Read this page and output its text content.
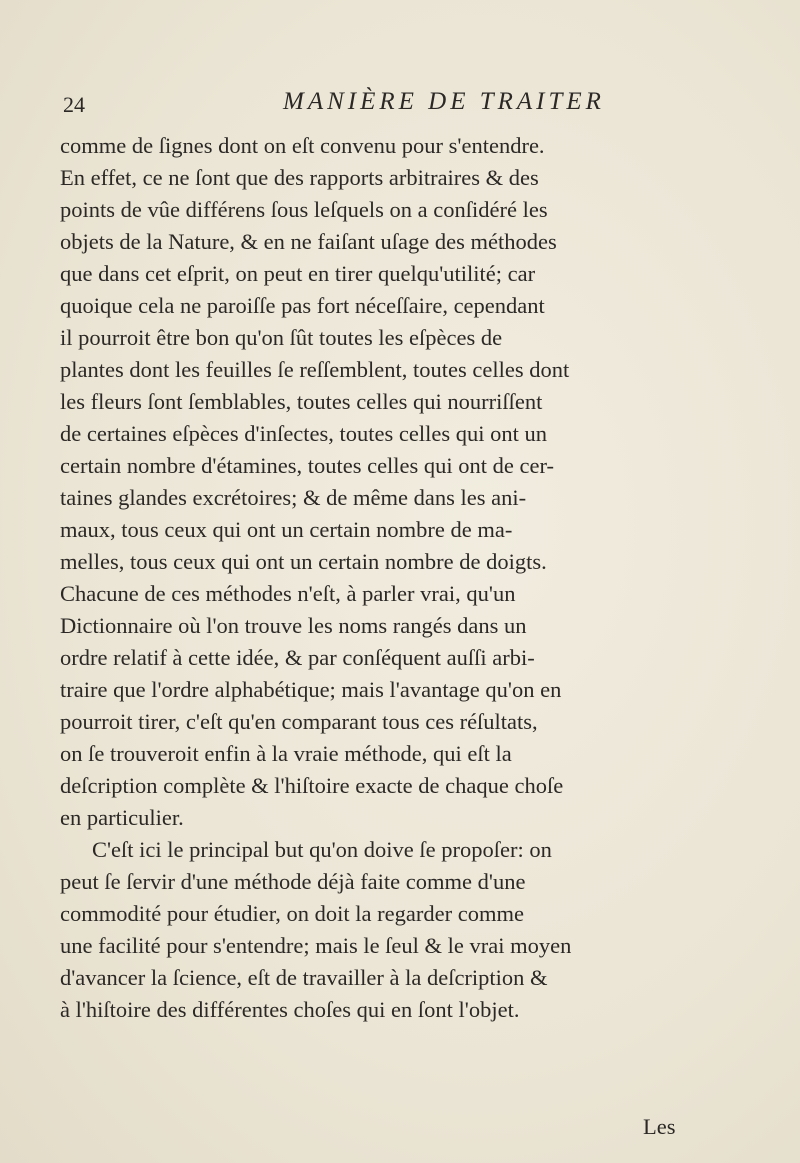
24	MANIÈRE DE TRAITER
comme de ſignes dont on eſt convenu pour s'entendre.
En effet, ce ne ſont que des rapports arbitraires & des
points de vûe différens ſous leſquels on a conſidéré les
objets de la Nature, & en ne faiſant uſage des méthodes
que dans cet eſprit, on peut en tirer quelqu'utilité; car
quoique cela ne paroiſſe pas fort néceſſaire, cependant
il pourroit être bon qu'on ſût toutes les eſpèces de
plantes dont les feuilles ſe reſſemblent, toutes celles dont
les fleurs ſont ſemblables, toutes celles qui nourriſſent
de certaines eſpèces d'inſectes, toutes celles qui ont un
certain nombre d'étamines, toutes celles qui ont de cer-
taines glandes excrétoires; & de même dans les ani-
maux, tous ceux qui ont un certain nombre de ma-
melles, tous ceux qui ont un certain nombre de doigts.
Chacune de ces méthodes n'eſt, à parler vrai, qu'un
Dictionnaire où l'on trouve les noms rangés dans un
ordre relatif à cette idée, & par conſéquent auſſi arbi-
traire que l'ordre alphabétique; mais l'avantage qu'on en
pourroit tirer, c'eſt qu'en comparant tous ces réſultats,
on ſe trouveroit enfin à la vraie méthode, qui eſt la
deſcription complète & l'hiſtoire exacte de chaque choſe
en particulier.
C'eſt ici le principal but qu'on doive ſe propoſer: on
peut ſe ſervir d'une méthode déjà faite comme d'une
commodité pour étudier, on doit la regarder comme
une facilité pour s'entendre; mais le ſeul & le vrai moyen
d'avancer la ſcience, eſt de travailler à la deſcription &
à l'hiſtoire des différentes choſes qui en ſont l'objet.
Les
